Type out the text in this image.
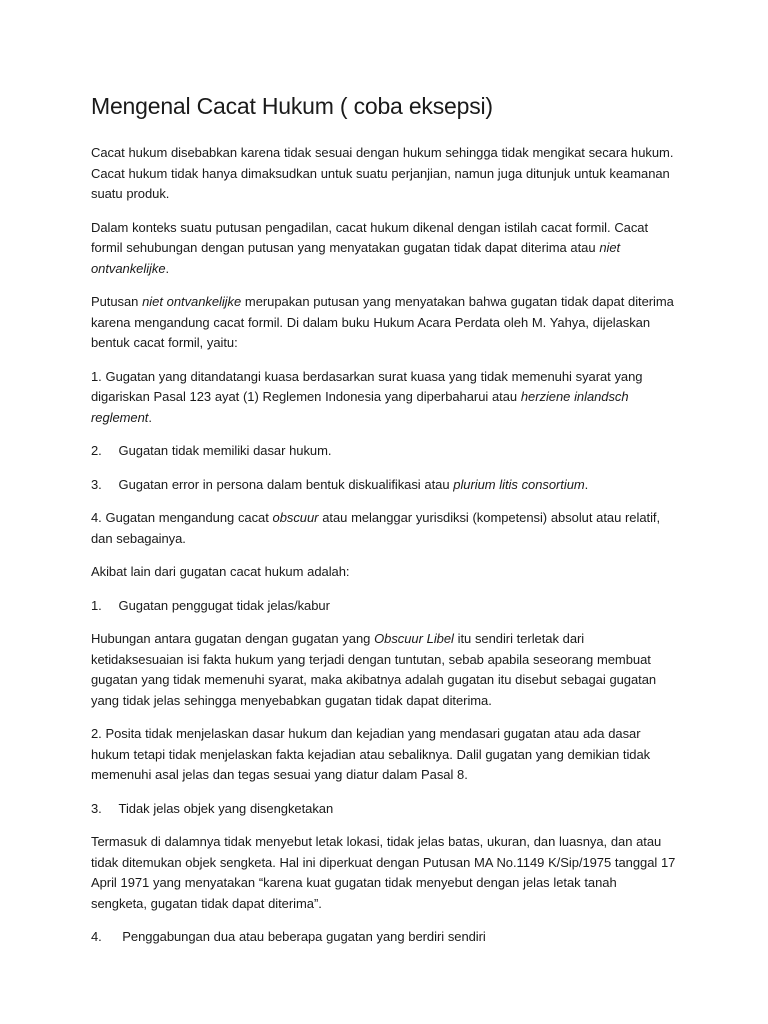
Mengenal Cacat Hukum ( coba eksepsi)

Cacat hukum disebabkan karena tidak sesuai dengan hukum sehingga tidak mengikat secara hukum. Cacat hukum tidak hanya dimaksudkan untuk suatu perjanjian, namun juga ditunjuk untuk keamanan suatu produk.

Dalam konteks suatu putusan pengadilan, cacat hukum dikenal dengan istilah cacat formil. Cacat formil sehubungan dengan putusan yang menyatakan gugatan tidak dapat diterima atau niet ontvankelijke.

Putusan niet ontvankelijke merupakan putusan yang menyatakan bahwa gugatan tidak dapat diterima karena mengandung cacat formil. Di dalam buku Hukum Acara Perdata oleh M. Yahya, dijelaskan bentuk cacat formil, yaitu:

1. Gugatan yang ditandatangi kuasa berdasarkan surat kuasa yang tidak memenuhi syarat yang digariskan Pasal 123 ayat (1) Reglemen Indonesia yang diperbaharui atau herziene inlandsch reglement.

2. Gugatan tidak memiliki dasar hukum.

3. Gugatan error in persona dalam bentuk diskualifikasi atau plurium litis consortium.

4. Gugatan mengandung cacat obscuur atau melanggar yurisdiksi (kompetensi) absolut atau relatif, dan sebagainya.

Akibat lain dari gugatan cacat hukum adalah:

1. Gugatan penggugat tidak jelas/kabur

Hubungan antara gugatan dengan gugatan yang Obscuur Libel itu sendiri terletak dari ketidaksesuaian isi fakta hukum yang terjadi dengan tuntutan, sebab apabila seseorang membuat gugatan yang tidak memenuhi syarat, maka akibatnya adalah gugatan itu disebut sebagai gugatan yang tidak jelas sehingga menyebabkan gugatan tidak dapat diterima.

2. Posita tidak menjelaskan dasar hukum dan kejadian yang mendasari gugatan atau ada dasar hukum tetapi tidak menjelaskan fakta kejadian atau sebaliknya. Dalil gugatan yang demikian tidak memenuhi asal jelas dan tegas sesuai yang diatur dalam Pasal 8.

3. Tidak jelas objek yang disengketakan

Termasuk di dalamnya tidak menyebut letak lokasi, tidak jelas batas, ukuran, dan luasnya, dan atau tidak ditemukan objek sengketa. Hal ini diperkuat dengan Putusan MA No.1149 K/Sip/1975 tanggal 17 April 1971 yang menyatakan “karena kuat gugatan tidak menyebut dengan jelas letak tanah sengketa, gugatan tidak dapat diterima”.

4. Penggabungan dua atau beberapa gugatan yang berdiri sendiri
